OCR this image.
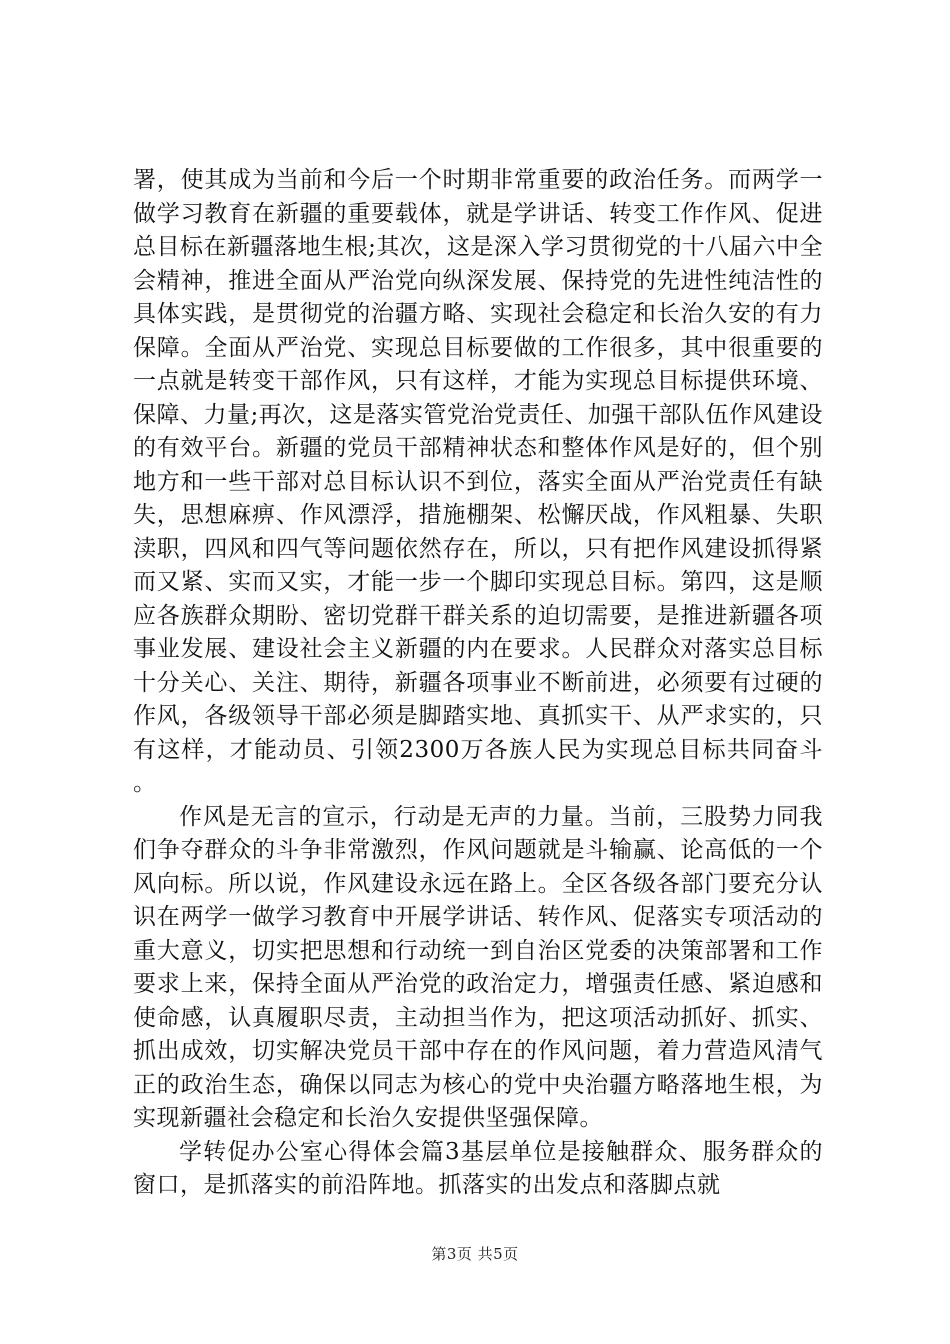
署，使其成为当前和今后一个时期非常重要的政治任务。而两学一做学习教育在新疆的重要载体，就是学讲话、转变工作作风、促进总目标在新疆落地生根;其次，这是深入学习贯彻党的十八届六中全会精神，推进全面从严治党向纵深发展、保持党的先进性纯洁性的具体实践，是贯彻党的治疆方略、实现社会稳定和长治久安的有力保障。全面从严治党、实现总目标要做的工作很多，其中很重要的一点就是转变干部作风，只有这样，才能为实现总目标提供环境、保障、力量;再次，这是落实管党治党责任、加强干部队伍作风建设的有效平台。新疆的党员干部精神状态和整体作风是好的，但个别地方和一些干部对总目标认识不到位，落实全面从严治党责任有缺失，思想麻痹、作风漂浮，措施棚架、松懈厌战，作风粗暴、失职渎职，四风和四气等问题依然存在，所以，只有把作风建设抓得紧而又紧、实而又实，才能一步一个脚印实现总目标。第四，这是顺应各族群众期盼、密切党群干群关系的迫切需要，是推进新疆各项事业发展、建设社会主义新疆的内在要求。人民群众对落实总目标十分关心、关注、期待，新疆各项事业不断前进，必须要有过硬的作风，各级领导干部必须是脚踏实地、真抓实干、从严求实的，只有这样，才能动员、引领2300万各族人民为实现总目标共同奋斗。

作风是无言的宣示，行动是无声的力量。当前，三股势力同我们争夺群众的斗争非常激烈，作风问题就是斗输赢、论高低的一个风向标。所以说，作风建设永远在路上。全区各级各部门要充分认识在两学一做学习教育中开展学讲话、转作风、促落实专项活动的重大意义，切实把思想和行动统一到自治区党委的决策部署和工作要求上来，保持全面从严治党的政治定力，增强责任感、紧迫感和使命感，认真履职尽责，主动担当作为，把这项活动抓好、抓实、抓出成效，切实解决党员干部中存在的作风问题，着力营造风清气正的政治生态，确保以同志为核心的党中央治疆方略落地生根，为实现新疆社会稳定和长治久安提供坚强保障。

学转促办公室心得体会篇3基层单位是接触群众、服务群众的窗口，是抓落实的前沿阵地。抓落实的出发点和落脚点就

第3页 共5页
